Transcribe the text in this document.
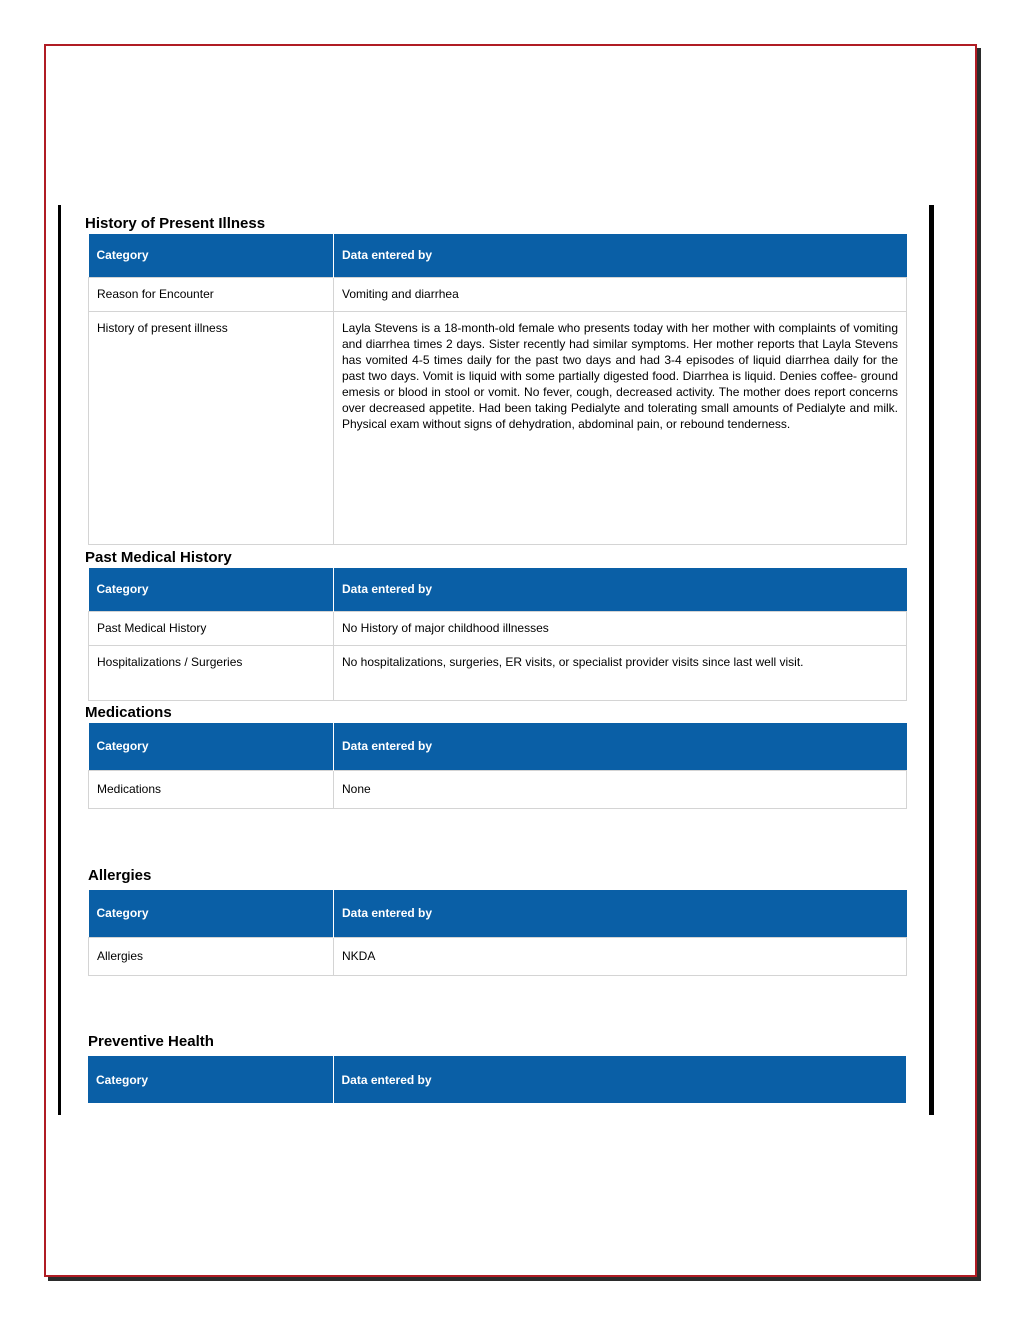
History of Present Illness
Category	Data entered by
Reason for Encounter	Vomiting and diarrhea
History of present illness	Layla Stevens is a 18-month-old female who presents today with her mother with complaints of vomiting and diarrhea times 2 days. Sister recently had similar symptoms. Her mother reports that Layla Stevens has vomited 4-5 times daily for the past two days and had 3-4 episodes of liquid diarrhea daily for the past two days. Vomit is liquid with some partially digested food. Diarrhea is liquid. Denies coffee- ground emesis or blood in stool or vomit. No fever, cough, decreased activity. The mother does report concerns over decreased appetite. Had been taking Pedialyte and tolerating small amounts of Pedialyte and milk. Physical exam without signs of dehydration, abdominal pain, or rebound tenderness.
Past Medical History
Category	Data entered by
Past Medical History	No History of major childhood illnesses
Hospitalizations / Surgeries	No hospitalizations, surgeries, ER visits, or specialist provider visits since last well visit.
Medications
Category	Data entered by
Medications	None
Allergies
Category	Data entered by
Allergies	NKDA
Preventive Health
Category	Data entered by
